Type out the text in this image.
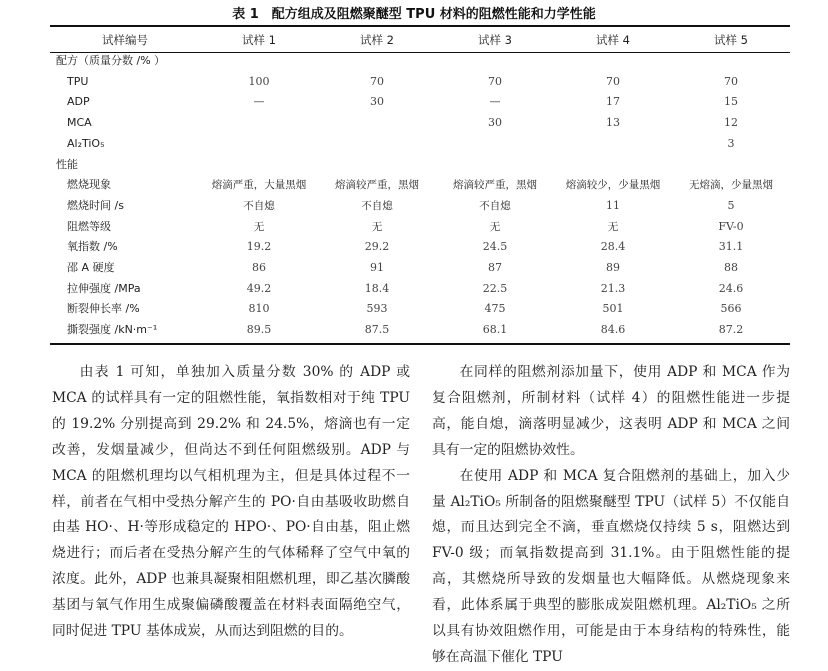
表 1　配方组成及阻燃聚醚型 TPU 材料的阻燃性能和力学性能
试样编号	试样 1	试样 2	试样 3	试样 4	试样 5
配方（质量分数 /% ）					
TPU	100	70	70	70	70
ADP	—	30	—	17	15
MCA			30	13	12
Al₂TiO₅					3
性能					
燃烧现象	熔滴严重，大量黑烟	熔滴较严重，黑烟	熔滴较严重，黑烟	熔滴较少，少量黑烟	无熔滴，少量黑烟
燃烧时间 /s	不自熄	不自熄	不自熄	11	5
阻燃等级	无	无	无	无	FV-0
氧指数 /%	19.2	29.2	24.5	28.4	31.1
邵 A 硬度	86	91	87	89	88
拉伸强度 /MPa	49.2	18.4	22.5	21.3	24.6
断裂伸长率 /%	810	593	475	501	566
撕裂强度 /kN·m⁻¹	89.5	87.5	68.1	84.6	87.2

由表 1 可知，单独加入质量分数 30% 的 ADP 或 MCA 的试样具有一定的阻燃性能，氧指数相对于纯 TPU 的 19.2% 分别提高到 29.2% 和 24.5%，熔滴也有一定改善，发烟量减少，但尚达不到任何阻燃级别。ADP 与 MCA 的阻燃机理均以气相机理为主，但是具体过程不一样，前者在气相中受热分解产生的 PO·自由基吸收助燃自由基 HO·、H·等形成稳定的 HPO·、PO·自由基，阻止燃烧进行；而后者在受热分解产生的气体稀释了空气中氧的浓度。此外，ADP 也兼具凝聚相阻燃机理，即乙基次膦酸基团与氧气作用生成聚偏磷酸覆盖在材料表面隔绝空气，同时促进 TPU 基体成炭，从而达到阻燃的目的。

在同样的阻燃剂添加量下，使用 ADP 和 MCA 作为复合阻燃剂，所制材料（试样 4）的阻燃性能进一步提高，能自熄，滴落明显减少，这表明 ADP 和 MCA 之间具有一定的阻燃协效性。

在使用 ADP 和 MCA 复合阻燃剂的基础上，加入少量 Al₂TiO₅ 所制备的阻燃聚醚型 TPU（试样 5）不仅能自熄，而且达到完全不滴，垂直燃烧仅持续 5 s，阻燃达到 FV-0 级；而氧指数提高到 31.1%。由于阻燃性能的提高，其燃烧所导致的发烟量也大幅降低。从燃烧现象来看，此体系属于典型的膨胀成炭阻燃机理。Al₂TiO₅ 之所以具有协效阻燃作用，可能是由于本身结构的特殊性，能够在高温下催化 TPU
